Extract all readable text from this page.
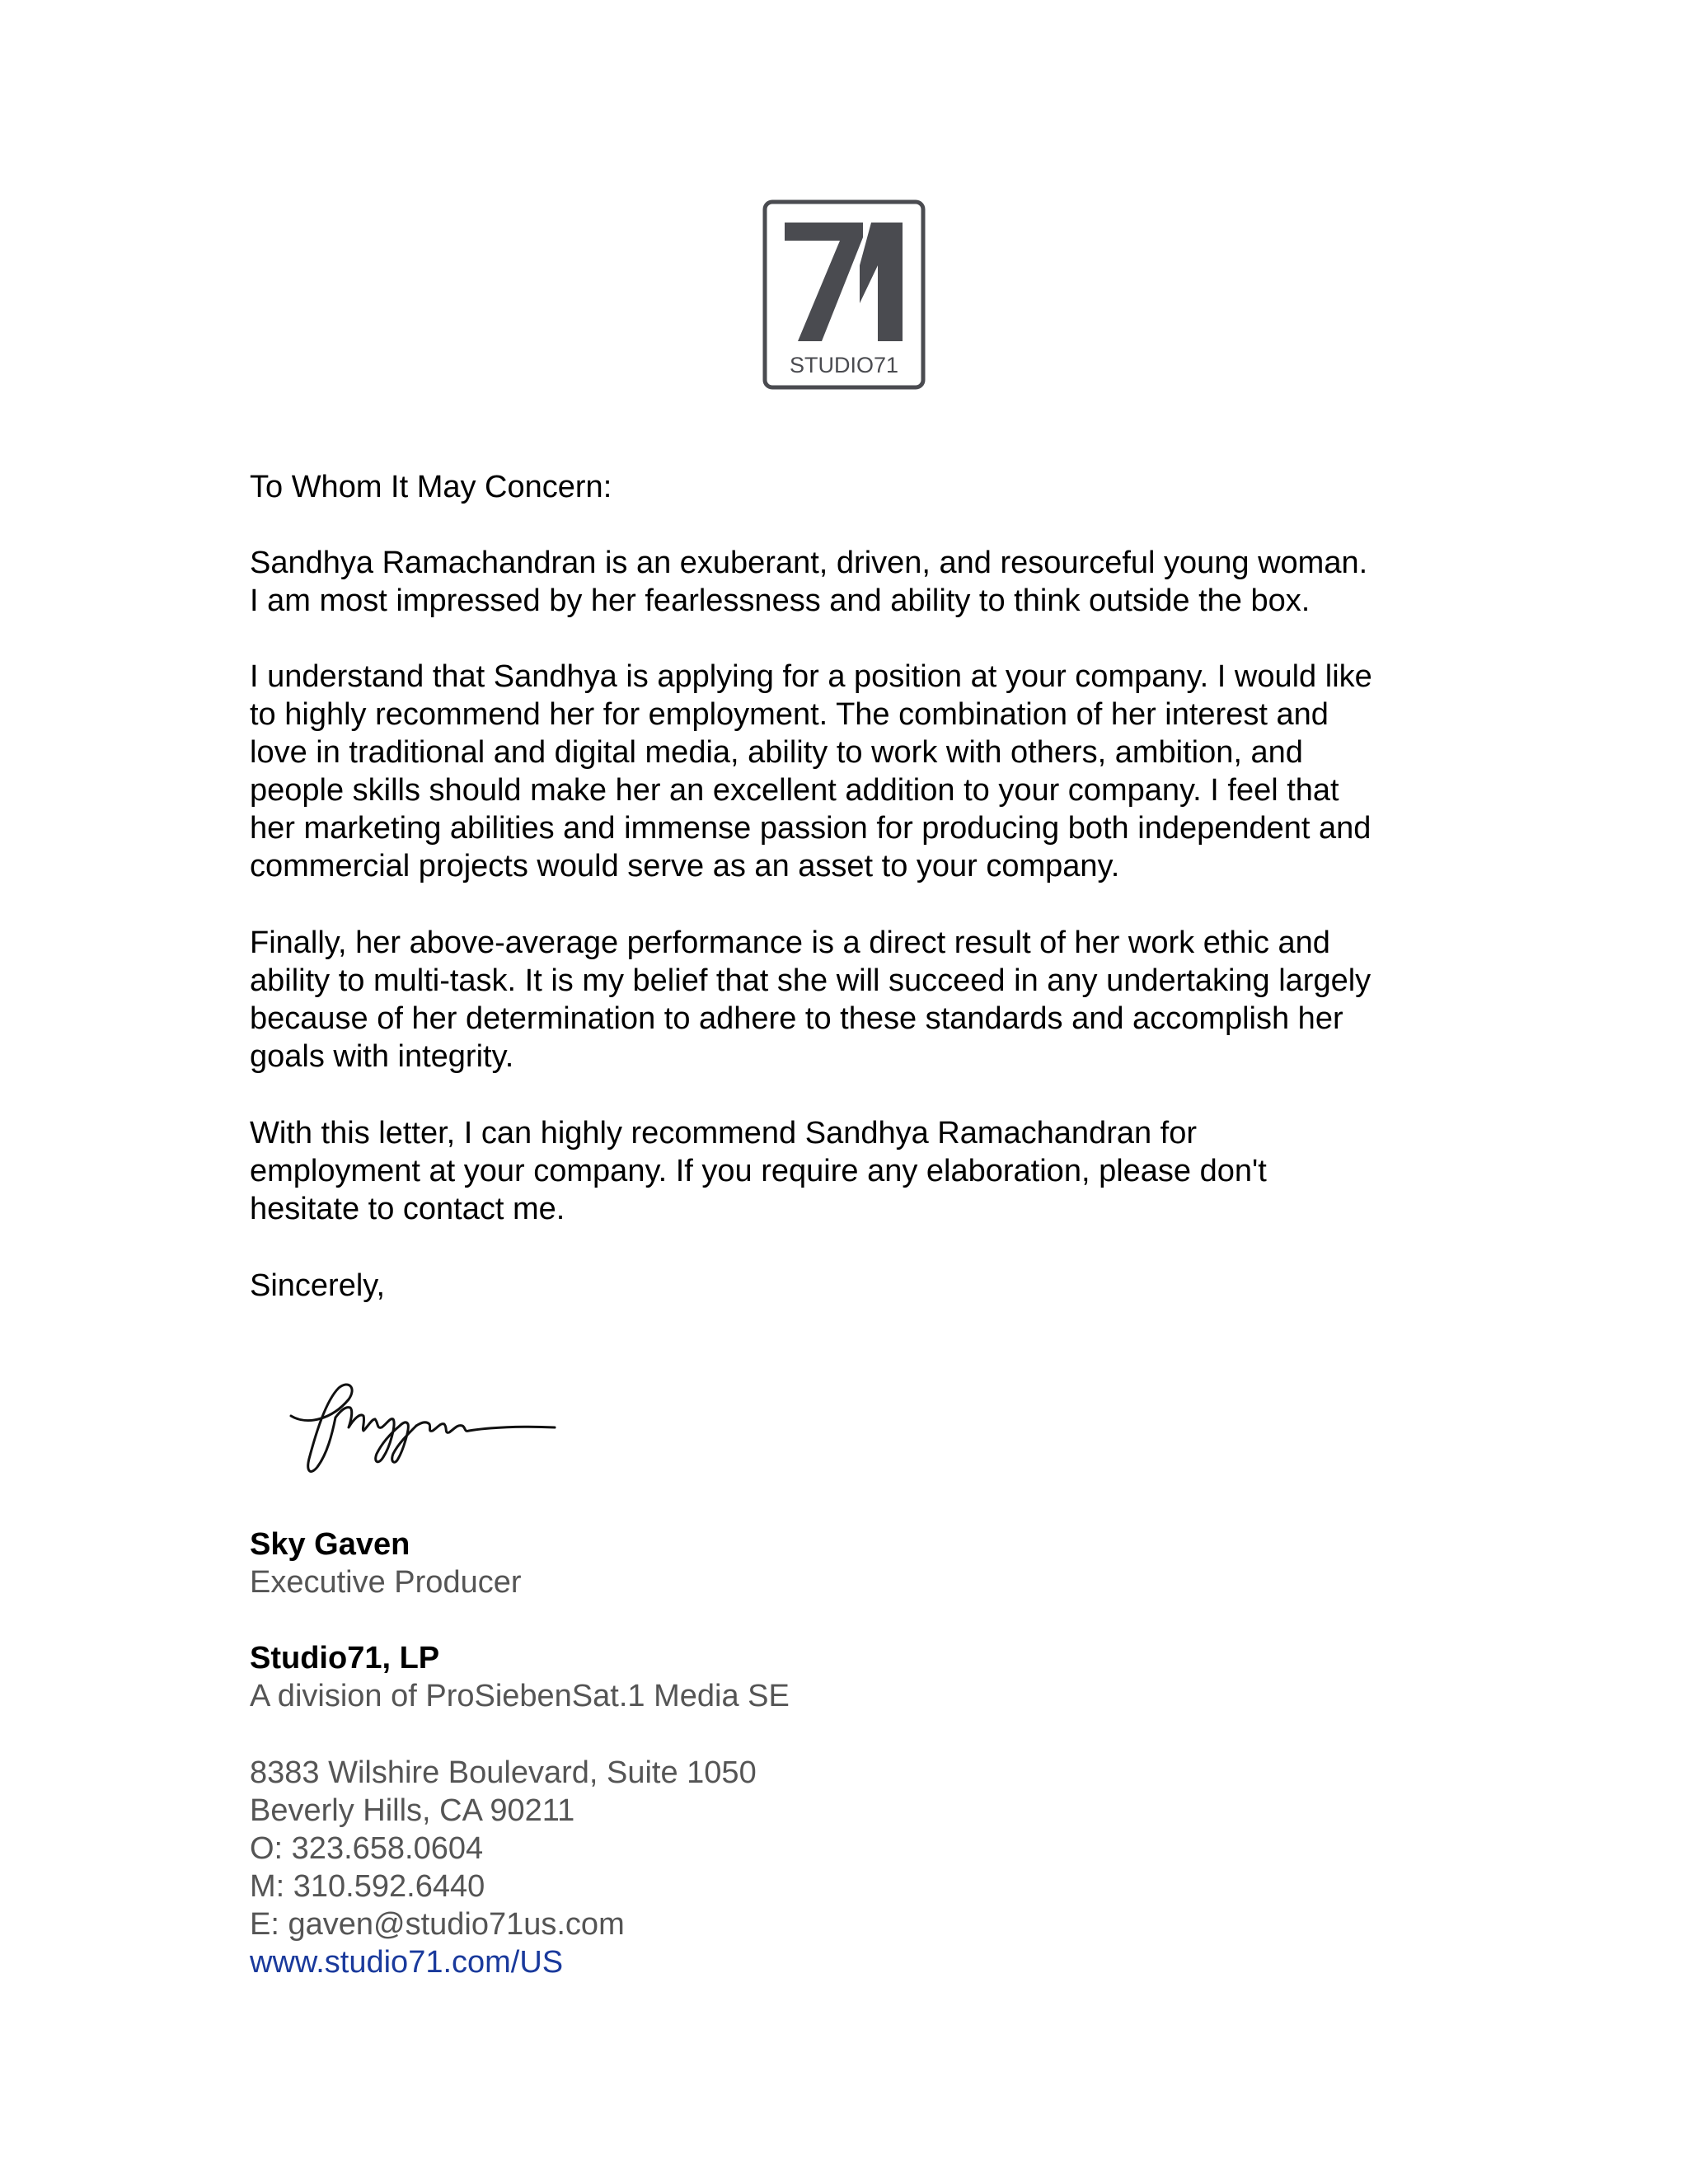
STUDIO71

To Whom It May Concern:

Sandhya Ramachandran is an exuberant, driven, and resourceful young woman.
I am most impressed by her fearlessness and ability to think outside the box.

I understand that Sandhya is applying for a position at your company. I would like
to highly recommend her for employment. The combination of her interest and
love in traditional and digital media, ability to work with others, ambition, and
people skills should make her an excellent addition to your company. I feel that
her marketing abilities and immense passion for producing both independent and
commercial projects would serve as an asset to your company.

Finally, her above-average performance is a direct result of her work ethic and
ability to multi-task. It is my belief that she will succeed in any undertaking largely
because of her determination to adhere to these standards and accomplish her
goals with integrity.

With this letter, I can highly recommend Sandhya Ramachandran for
employment at your company. If you require any elaboration, please don't
hesitate to contact me.

Sincerely,

Sky Gaven
Executive Producer

Studio71, LP
A division of ProSiebenSat.1 Media SE

8383 Wilshire Boulevard, Suite 1050
Beverly Hills, CA 90211
O: 323.658.0604
M: 310.592.6440
E: gaven@studio71us.com
www.studio71.com/US
